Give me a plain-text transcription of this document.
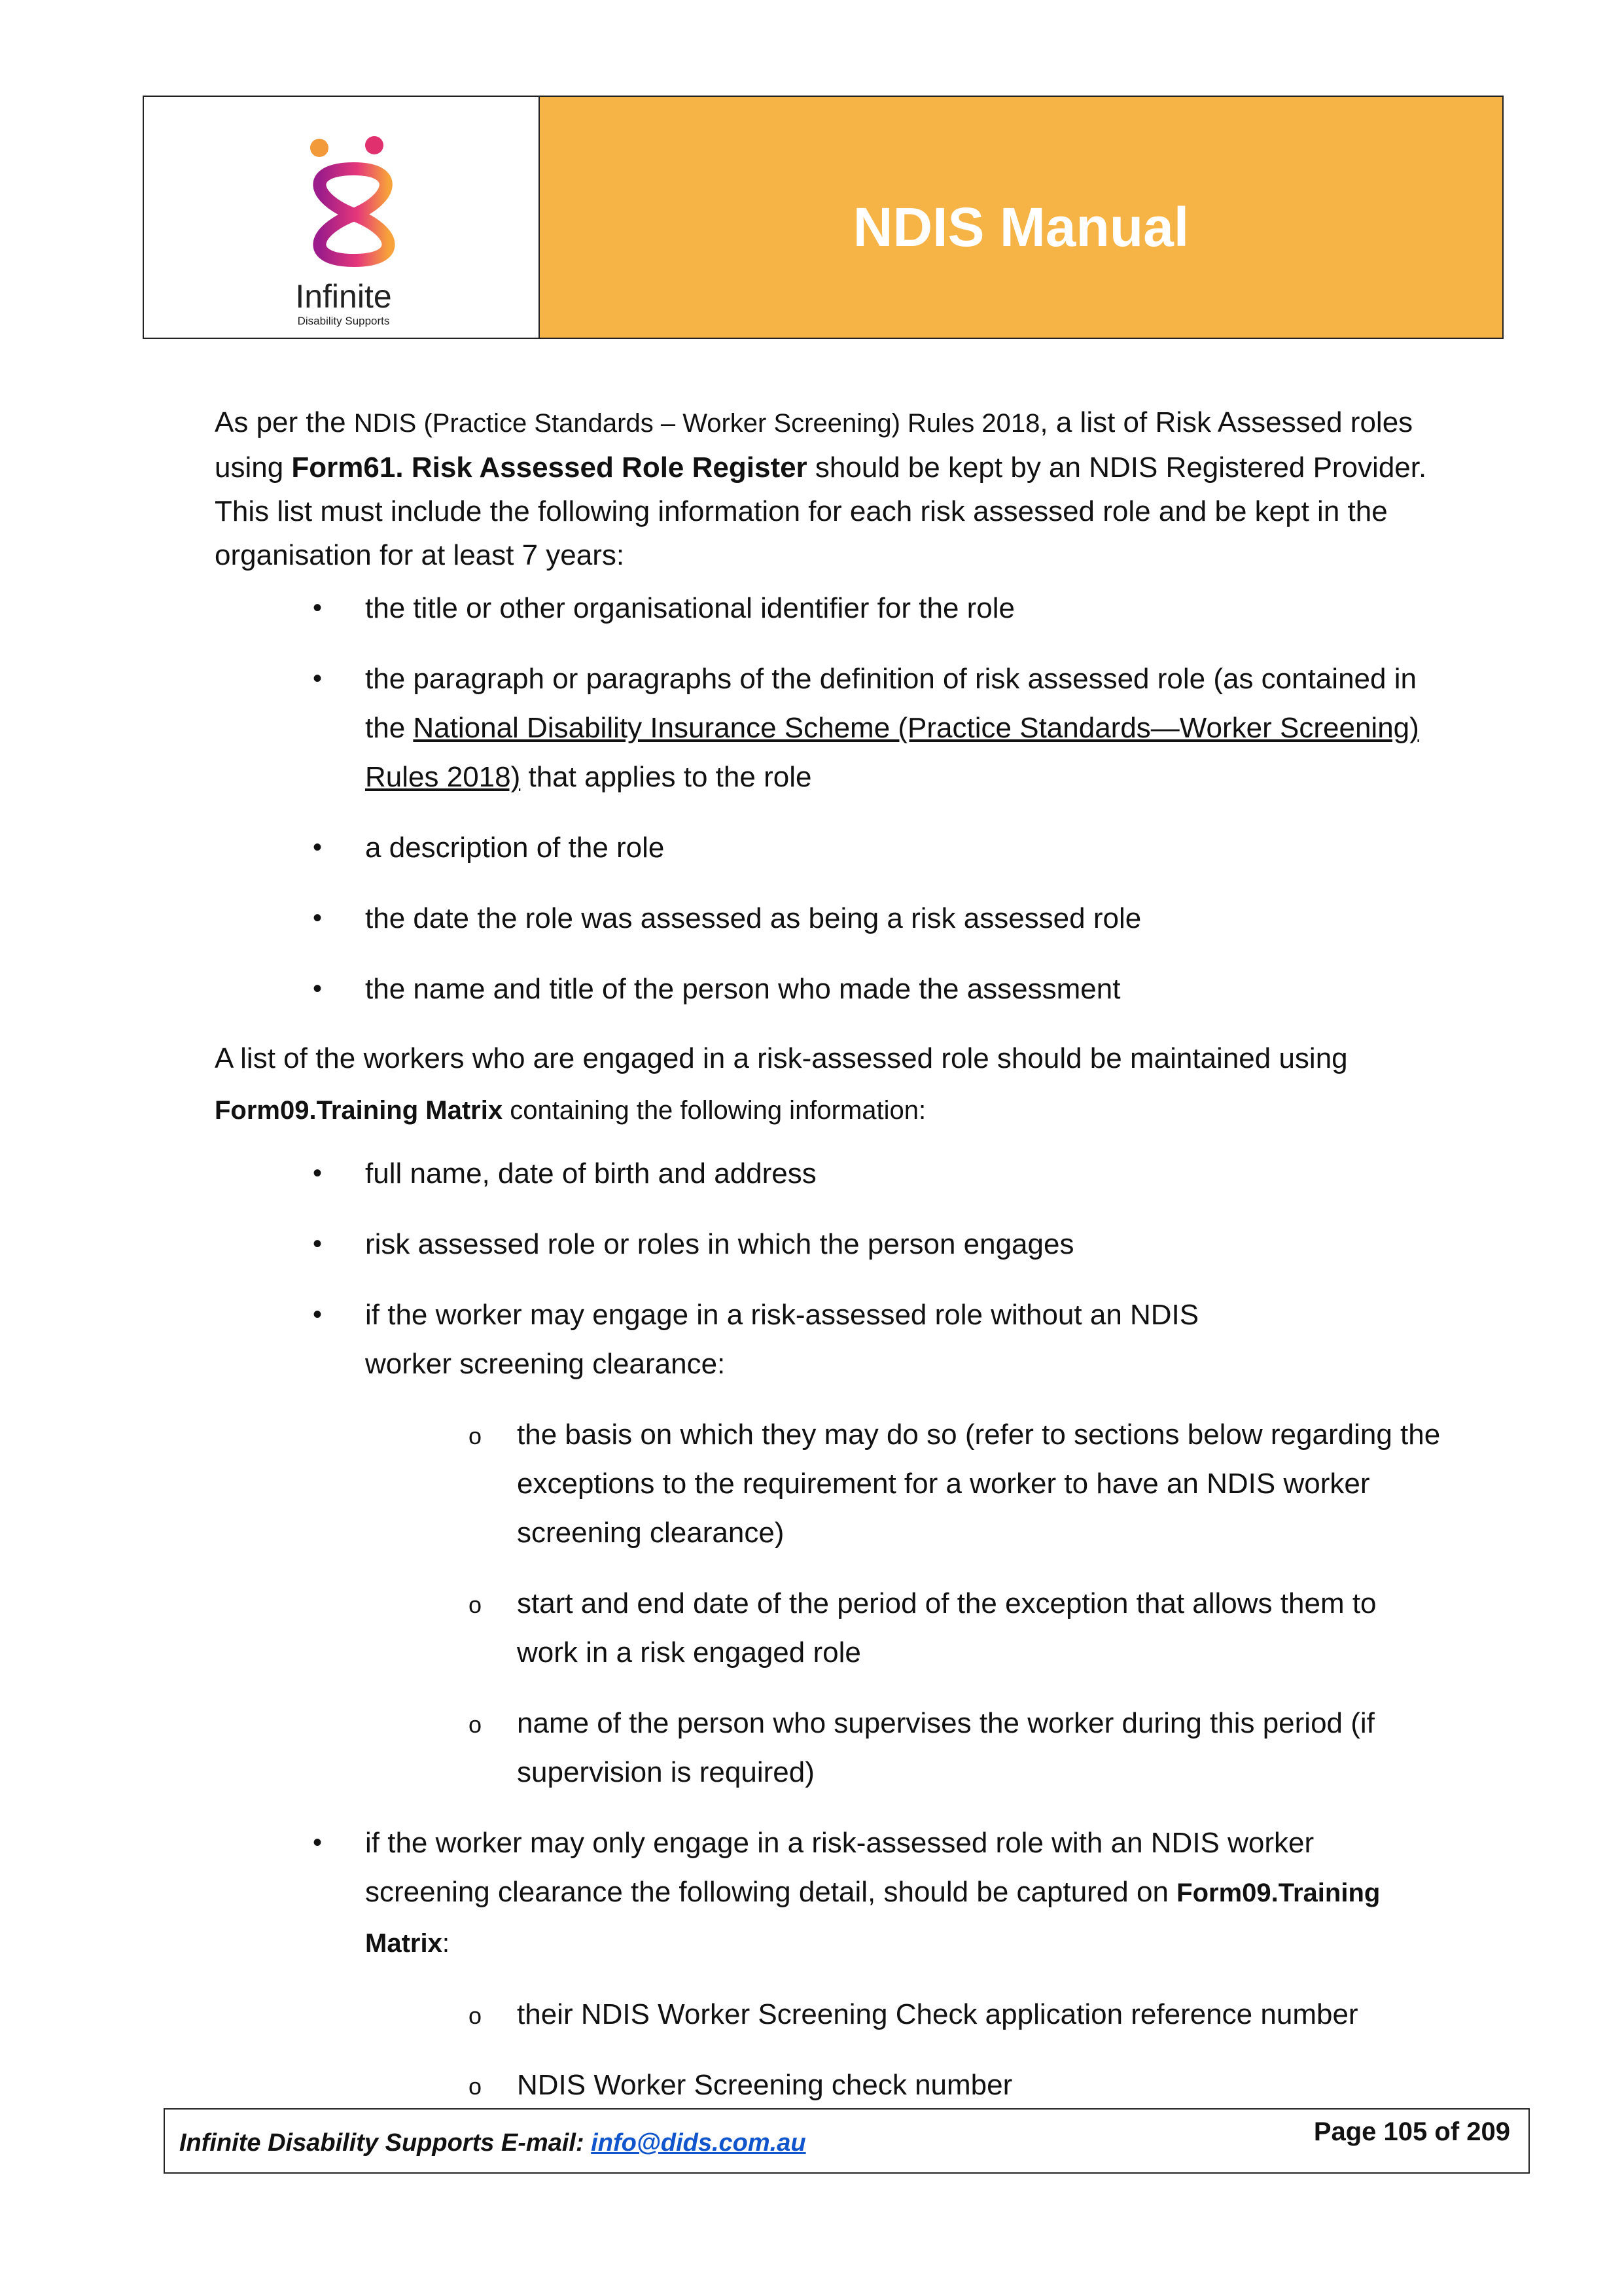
Infinite
Disability Supports
NDIS Manual

As per the NDIS (Practice Standards – Worker Screening) Rules 2018, a list of Risk Assessed roles using Form61. Risk Assessed Role Register should be kept by an NDIS Registered Provider. This list must include the following information for each risk assessed role and be kept in the organisation for at least 7 years:

• the title or other organisational identifier for the role
• the paragraph or paragraphs of the definition of risk assessed role (as contained in the National Disability Insurance Scheme (Practice Standards—Worker Screening) Rules 2018) that applies to the role
• a description of the role
• the date the role was assessed as being a risk assessed role
• the name and title of the person who made the assessment

A list of the workers who are engaged in a risk-assessed role should be maintained using Form09.Training Matrix containing the following information:

• full name, date of birth and address
• risk assessed role or roles in which the person engages
• if the worker may engage in a risk-assessed role without an NDIS worker screening clearance:
o the basis on which they may do so (refer to sections below regarding the exceptions to the requirement for a worker to have an NDIS worker screening clearance)
o start and end date of the period of the exception that allows them to work in a risk engaged role
o name of the person who supervises the worker during this period (if supervision is required)
• if the worker may only engage in a risk-assessed role with an NDIS worker screening clearance the following detail, should be captured on Form09.Training Matrix:
o their NDIS Worker Screening Check application reference number
o NDIS Worker Screening check number
Infinite Disability Supports E-mail: info@dids.com.au	Page 105 of 209
